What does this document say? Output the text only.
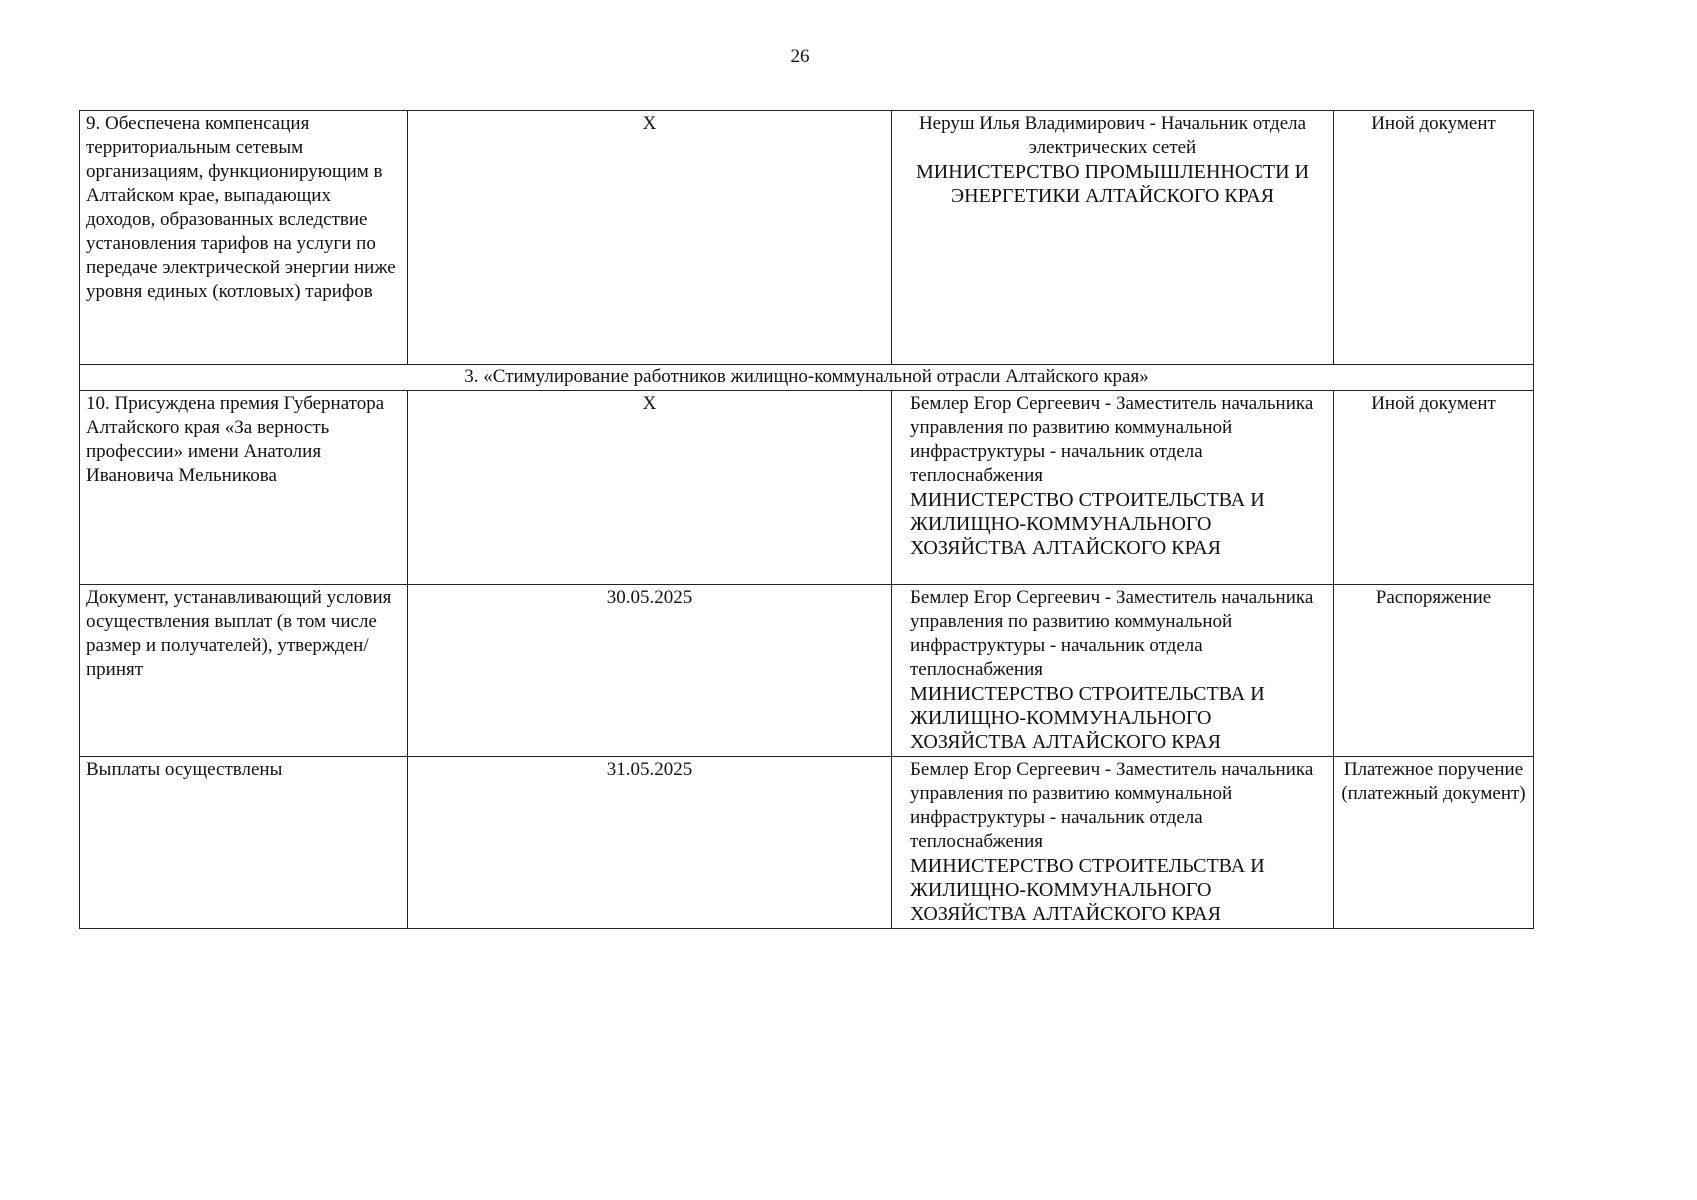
26
9. Обеспечена компенсация территориальным сетевым организациям, функционирующим в Алтайском крае, выпадающих доходов, образованных вследствие установления тарифов на услуги по передаче электрической энергии ниже уровня единых (котловых) тарифов	X	Неруш Илья Владимирович - Начальник отдела электрических сетей
МИНИСТЕРСТВО ПРОМЫШЛЕННОСТИ И ЭНЕРГЕТИКИ АЛТАЙСКОГО КРАЯ	Иной документ

3. «Стимулирование работников жилищно-коммунальной отрасли Алтайского края»			

10. Присуждена премия Губернатора Алтайского края «За верность профессии» имени Анатолия Ивановича Мельникова	X	Бемлер Егор Сергеевич - Заместитель начальника управления по развитию коммунальной инфраструктуры - начальник отдела теплоснабжения
МИНИСТЕРСТВО СТРОИТЕЛЬСТВА И ЖИЛИЩНО-КОММУНАЛЬНОГО ХОЗЯЙСТВА АЛТАЙСКОГО КРАЯ	Иной документ

Документ, устанавливающий условия осуществления выплат (в том числе размер и получателей), утвержден/принят	30.05.2025	Бемлер Егор Сергеевич - Заместитель начальника управления по развитию коммунальной инфраструктуры - начальник отдела теплоснабжения
МИНИСТЕРСТВО СТРОИТЕЛЬСТВА И ЖИЛИЩНО-КОММУНАЛЬНОГО ХОЗЯЙСТВА АЛТАЙСКОГО КРАЯ	Распоряжение

Выплаты осуществлены	31.05.2025	Бемлер Егор Сергеевич - Заместитель начальника управления по развитию коммунальной инфраструктуры - начальник отдела теплоснабжения
МИНИСТЕРСТВО СТРОИТЕЛЬСТВА И ЖИЛИЩНО-КОММУНАЛЬНОГО ХОЗЯЙСТВА АЛТАЙСКОГО КРАЯ	Платежное поручение (платежный документ)
